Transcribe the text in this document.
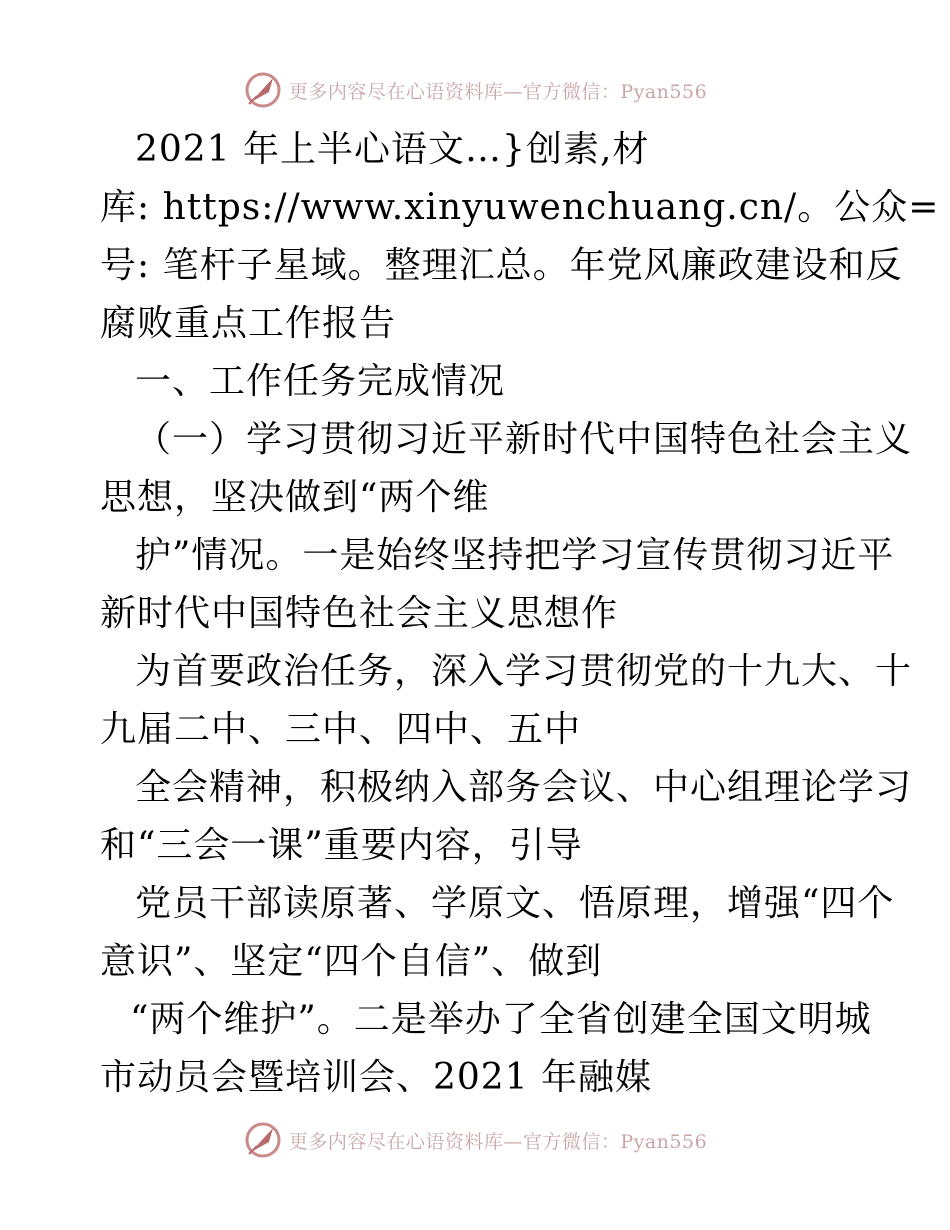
更多内容尽在心语资料库—官方微信：Pyan556
2021 年上半心语文…}创素,材
库: https://www.xinyuwenchuang.cn/。公众=
号: 笔杆子星域。整理汇总。年党风廉政建设和反
腐败重点工作报告
一、工作任务完成情况
（一）学习贯彻习近平新时代中国特色社会主义
思想，坚决做到“两个维
护”情况。一是始终坚持把学习宣传贯彻习近平
新时代中国特色社会主义思想作
为首要政治任务，深入学习贯彻党的十九大、十
九届二中、三中、四中、五中
全会精神，积极纳入部务会议、中心组理论学习
和“三会一课”重要内容，引导
党员干部读原著、学原文、悟原理，增强“四个
意识”、坚定“四个自信”、做到
“两个维护”。二是举办了全省创建全国文明城
市动员会暨培训会、2021 年融媒
更多内容尽在心语资料库—官方微信：Pyan556
